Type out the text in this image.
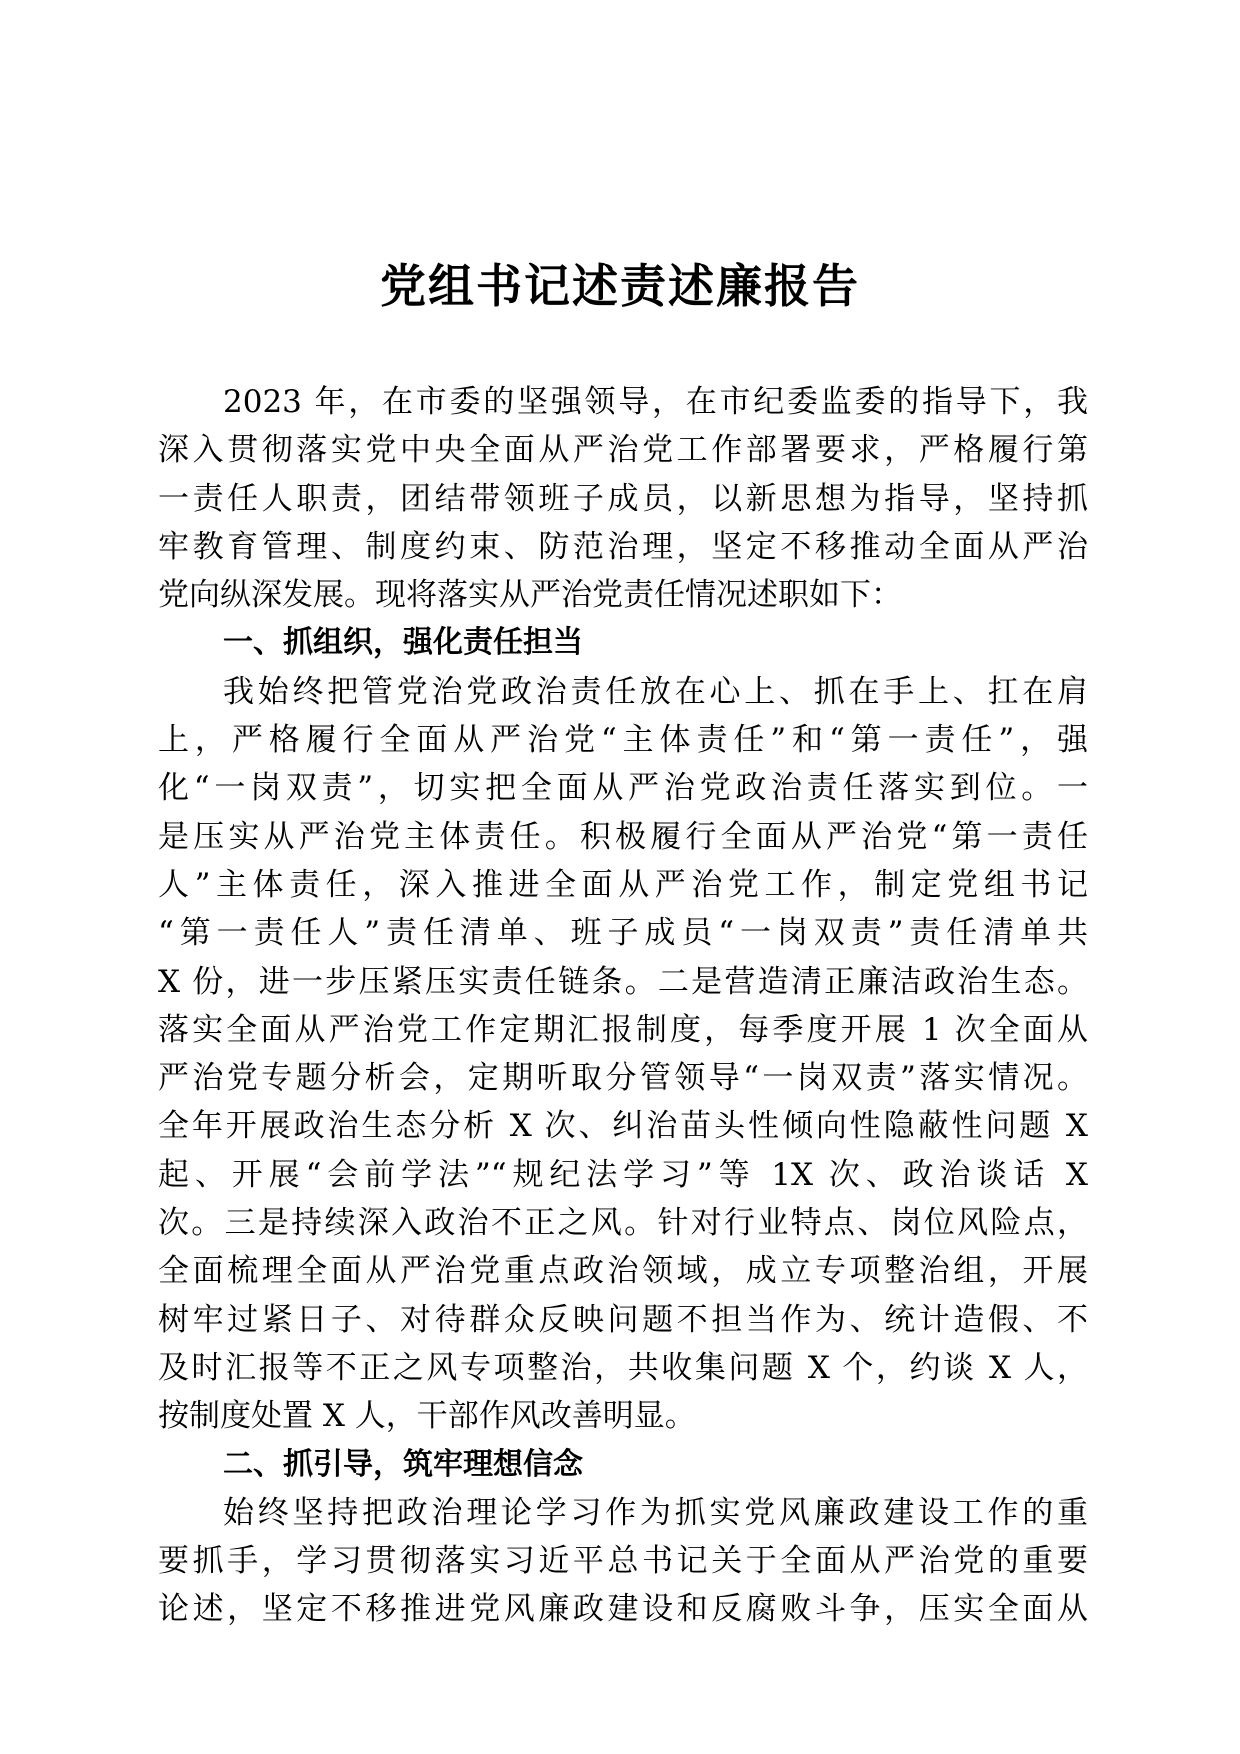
党组书记述责述廉报告
2023 年，在市委的坚强领导，在市纪委监委的指导下，我
深入贯彻落实党中央全面从严治党工作部署要求，严格履行第
一责任人职责，团结带领班子成员，以新思想为指导，坚持抓
牢教育管理、制度约束、防范治理，坚定不移推动全面从严治
党向纵深发展。现将落实从严治党责任情况述职如下：
一、抓组织，强化责任担当
我始终把管党治党政治责任放在心上、抓在手上、扛在肩
上，严格履行全面从严治党“主体责任”和“第一责任”，强
化“一岗双责”，切实把全面从严治党政治责任落实到位。一
是压实从严治党主体责任。积极履行全面从严治党“第一责任
人”主体责任，深入推进全面从严治党工作，制定党组书记
“第一责任人”责任清单、班子成员“一岗双责”责任清单共
X 份，进一步压紧压实责任链条。二是营造清正廉洁政治生态。
落实全面从严治党工作定期汇报制度，每季度开展 1 次全面从
严治党专题分析会，定期听取分管领导“一岗双责”落实情况。
全年开展政治生态分析 X 次、纠治苗头性倾向性隐蔽性问题 X
起、开展“会前学法”“规纪法学习”等 1X 次、政治谈话 X
次。三是持续深入政治不正之风。针对行业特点、岗位风险点，
全面梳理全面从严治党重点政治领域，成立专项整治组，开展
树牢过紧日子、对待群众反映问题不担当作为、统计造假、不
及时汇报等不正之风专项整治，共收集问题 X 个，约谈 X 人，
按制度处置 X 人，干部作风改善明显。
二、抓引导，筑牢理想信念
始终坚持把政治理论学习作为抓实党风廉政建设工作的重
要抓手，学习贯彻落实习近平总书记关于全面从严治党的重要
论述，坚定不移推进党风廉政建设和反腐败斗争，压实全面从
